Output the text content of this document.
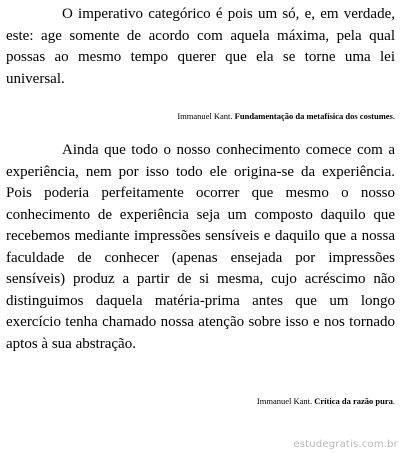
O imperativo categórico é pois um só, e, em verdade, este: age somente de acordo com aquela máxima, pela qual possas ao mesmo tempo querer que ela se torne uma lei universal.

Immanuel Kant. Fundamentação da metafísica dos costumes.

Ainda que todo o nosso conhecimento comece com a experiência, nem por isso todo ele origina-se da experiência. Pois poderia perfeitamente ocorrer que mesmo o nosso conhecimento de experiência seja um composto daquilo que recebemos mediante impressões sensíveis e daquilo que a nossa faculdade de conhecer (apenas ensejada por impressões sensíveis) produz a partir de si mesma, cujo acréscimo não distinguimos daquela matéria-prima antes que um longo exercício tenha chamado nossa atenção sobre isso e nos tornado aptos à sua abstração.

Immanuel Kant. Crítica da razão pura.

estudegratis.com.br
